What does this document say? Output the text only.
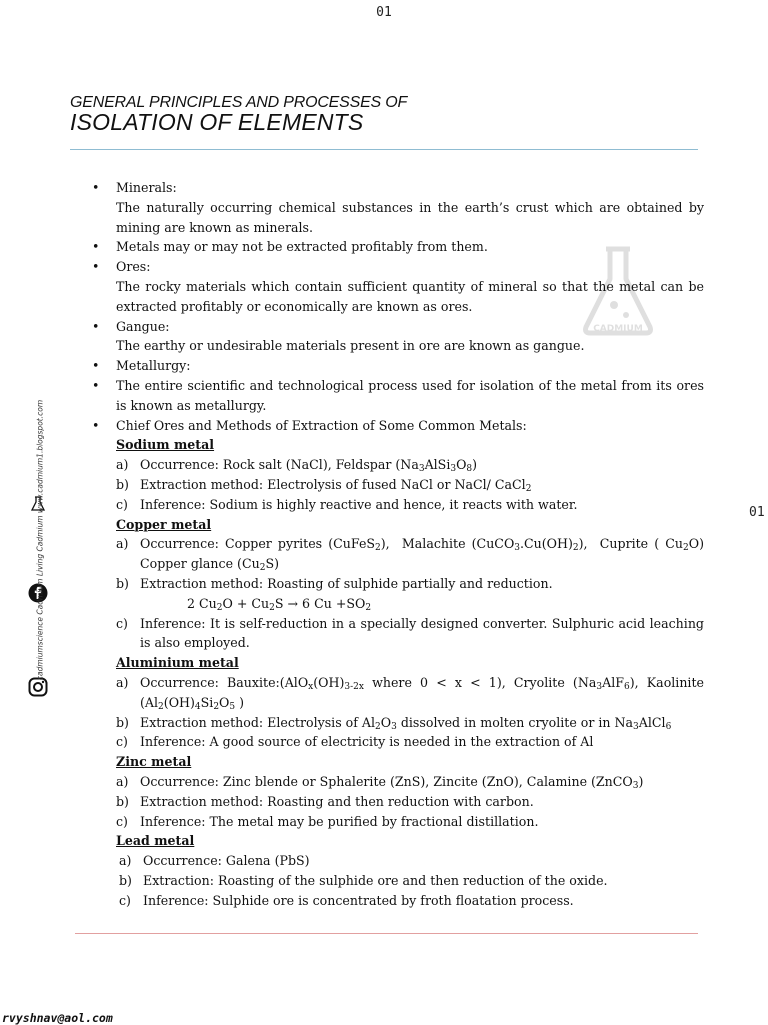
01
01
GENERAL PRINCIPLES AND PROCESSES OF
ISOLATION OF ELEMENTS
CADMIUM
cadmiumscience Cadmium Living Cadmium www.cadmium1.blogspot.com
• Minerals:
The naturally occurring chemical substances in the earth’s crust which are obtained by mining are known as minerals.
• Metals may or may not be extracted profitably from them.
• Ores:
The rocky materials which contain sufficient quantity of mineral so that the metal can be extracted profitably or economically are known as ores.
• Gangue:
The earthy or undesirable materials present in ore are known as gangue.
• Metallurgy:
• The entire scientific and technological process used for isolation of the metal from its ores is known as metallurgy.
• Chief Ores and Methods of Extraction of Some Common Metals:
Sodium metal
a) Occurrence: Rock salt (NaCl), Feldspar $(Na_3AlSi_3O_8)$
b) Extraction method: Electrolysis of fused NaCl or NaCl/ CaCl$_2$
c) Inference: Sodium is highly reactive and hence, it reacts with water.
Copper metal
a) Occurrence: Copper pyrites (CuFeS$_2$),  Malachite $(CuCO_3.Cu(OH)_2)$,  Cuprite ( $Cu_2O$) Copper glance $(Cu_2S)$
b) Extraction method: Roasting of sulphide partially and reduction.
2 $Cu_2O + Cu_2S \to 6$ $Cu +SO_2$
c) Inference: It is self-reduction in a specially designed converter. Sulphuric acid leaching is also employed.
Aluminium metal
a) Occurrence: $Bauxite:(AlO_x(OH)_{3-2x}$ where 0 < x < 1), Cryolite $(Na_3AlF_6)$, Kaolinite ($Al_2(OH)_4Si_2O_5$ )
b) Extraction method: Electrolysis of $Al_2O_3$ dissolved in molten cryolite or in $Na_3AlCl_6$
c) Inference: A good source of electricity is needed in the extraction of Al
Zinc metal
a) Occurrence: Zinc blende or Sphalerite (ZnS), Zincite (ZnO), Calamine (ZnCO$_3$)
b) Extraction method: Roasting and then reduction with carbon.
c) Inference: The metal may be purified by fractional distillation.
Lead metal
a) Occurrence: Galena (PbS)
b) Extraction: Roasting of the sulphide ore and then reduction of the oxide.
c) Inference: Sulphide ore is concentrated by froth floatation process.
rvyshnav@aol.com
